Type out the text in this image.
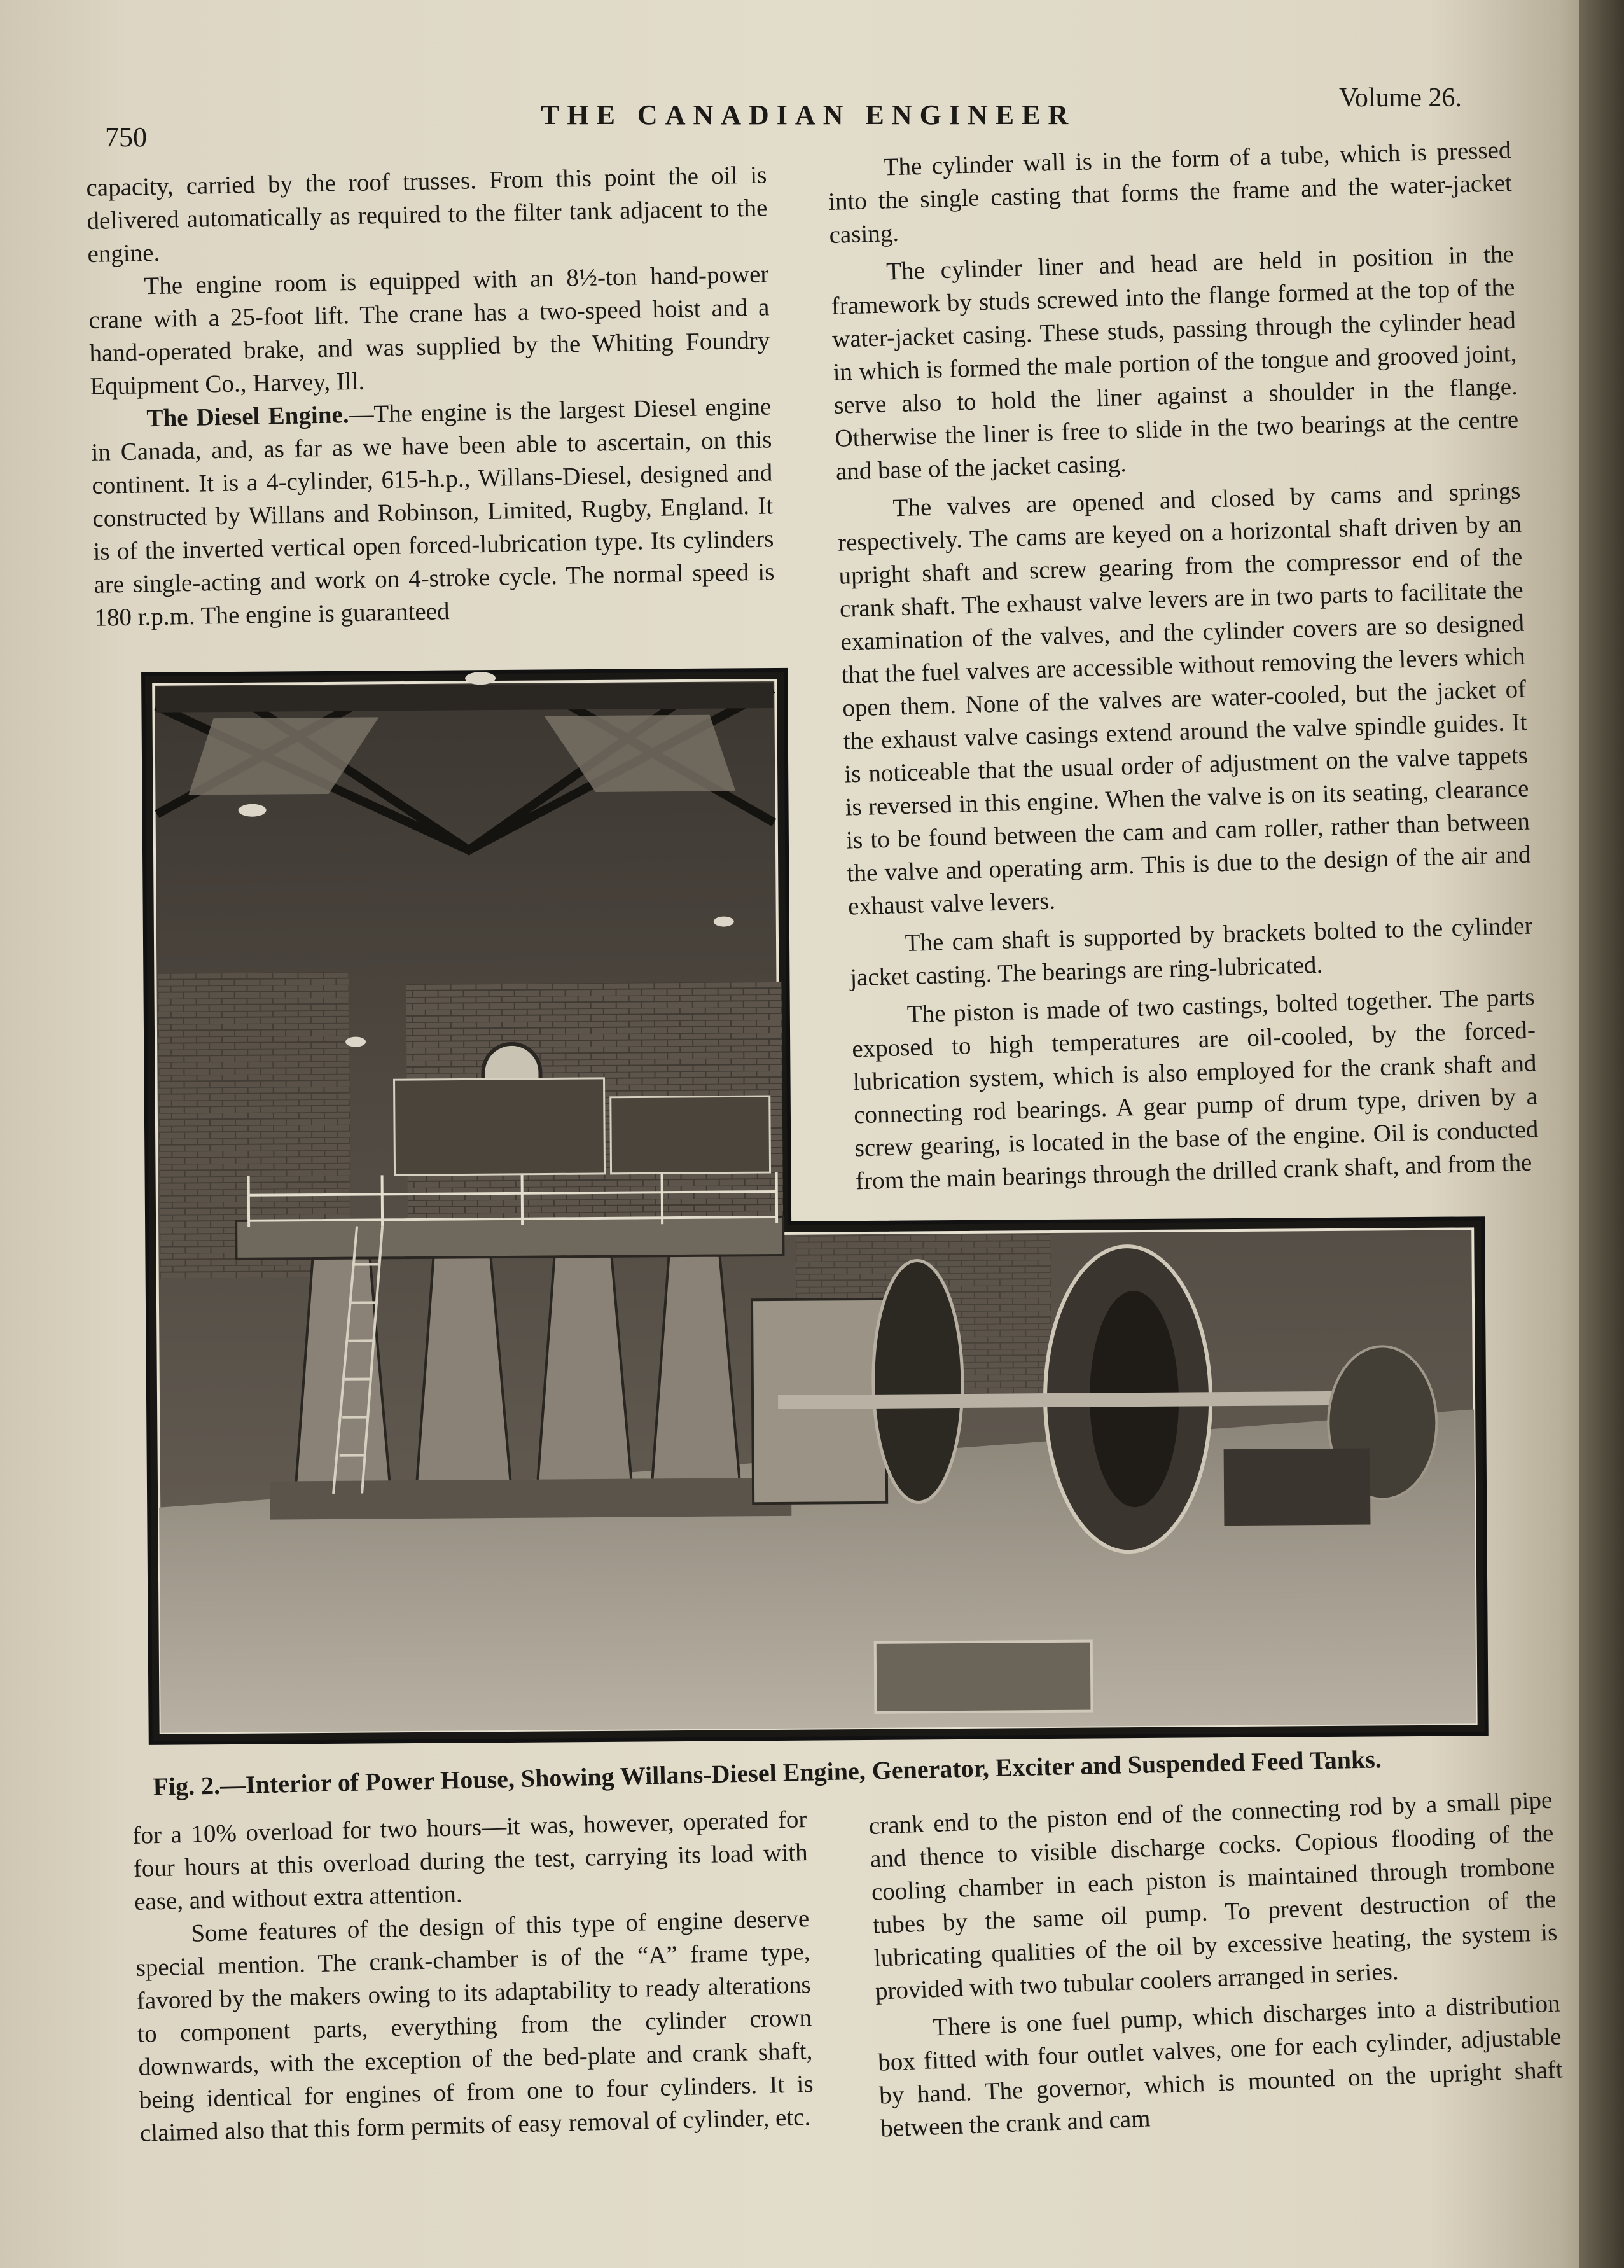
750
THE CANADIAN ENGINEER
Volume 26.

capacity, carried by the roof trusses. From this point the oil is delivered automatically as required to the filter tank adjacent to the engine.

The engine room is equipped with an 8½-ton hand-power crane with a 25-foot lift. The crane has a two-speed hoist and a hand-operated brake, and was supplied by the Whiting Foundry Equipment Co., Harvey, Ill.

The Diesel Engine.—The engine is the largest Diesel engine in Canada, and, as far as we have been able to ascertain, on this continent. It is a 4-cylinder, 615-h.p., Willans-Diesel, designed and constructed by Willans and Robinson, Limited, Rugby, England. It is of the inverted vertical open forced-lubrication type. Its cylinders are single-acting and work on 4-stroke cycle. The normal speed is 180 r.p.m. The engine is guaranteed

The cylinder wall is in the form of a tube, which is pressed into the single casting that forms the frame and the water-jacket casing.

The cylinder liner and head are held in position in the framework by studs screwed into the flange formed at the top of the water-jacket casing. These studs, passing through the cylinder head in which is formed the male portion of the tongue and grooved joint, serve also to hold the liner against a shoulder in the flange. Otherwise the liner is free to slide in the two bearings at the centre and base of the jacket casing.

The valves are opened and closed by cams and springs respectively. The cams are keyed on a horizontal shaft driven by an upright shaft and screw gearing from the compressor end of the crank shaft. The exhaust valve levers are in two parts to facilitate the examination of the valves, and the cylinder covers are so designed that the fuel valves are accessible without removing the levers which open them. None of the valves are water-cooled, but the jacket of the exhaust valve casings extend around the valve spindle guides. It is noticeable that the usual order of adjustment on the valve tappets is reversed in this engine. When the valve is on its seating, clearance is to be found between the cam and cam roller, rather than between the valve and operating arm. This is due to the design of the air and exhaust valve levers.

The cam shaft is supported by brackets bolted to the cylinder jacket casting. The bearings are ring-lubricated.

The piston is made of two castings, bolted together. The parts exposed to high temperatures are oil-cooled, by the forced-lubrication system, which is also employed for the crank shaft and connecting rod bearings. A gear pump of drum type, driven by a screw gearing, is located in the base of the engine. Oil is conducted from the main bearings through the drilled crank shaft, and from the

Fig. 2.—Interior of Power House, Showing Willans-Diesel Engine, Generator, Exciter and Suspended Feed Tanks.

for a 10% overload for two hours—it was, however, operated for four hours at this overload during the test, carrying its load with ease, and without extra attention.

Some features of the design of this type of engine deserve special mention. The crank-chamber is of the “A” frame type, favored by the makers owing to its adaptability to ready alterations to component parts, everything from the cylinder crown downwards, with the exception of the bed-plate and crank shaft, being identical for engines of from one to four cylinders. It is claimed also that this form permits of easy removal of cylinder, etc.

crank end to the piston end of the connecting rod by a small pipe and thence to visible discharge cocks. Copious flooding of the cooling chamber in each piston is maintained through trombone tubes by the same oil pump. To prevent destruction of the lubricating qualities of the oil by excessive heating, the system is provided with two tubular coolers arranged in series.

There is one fuel pump, which discharges into a distribution box fitted with four outlet valves, one for each cylinder, adjustable by hand. The governor, which is mounted on the upright shaft between the crank and cam
